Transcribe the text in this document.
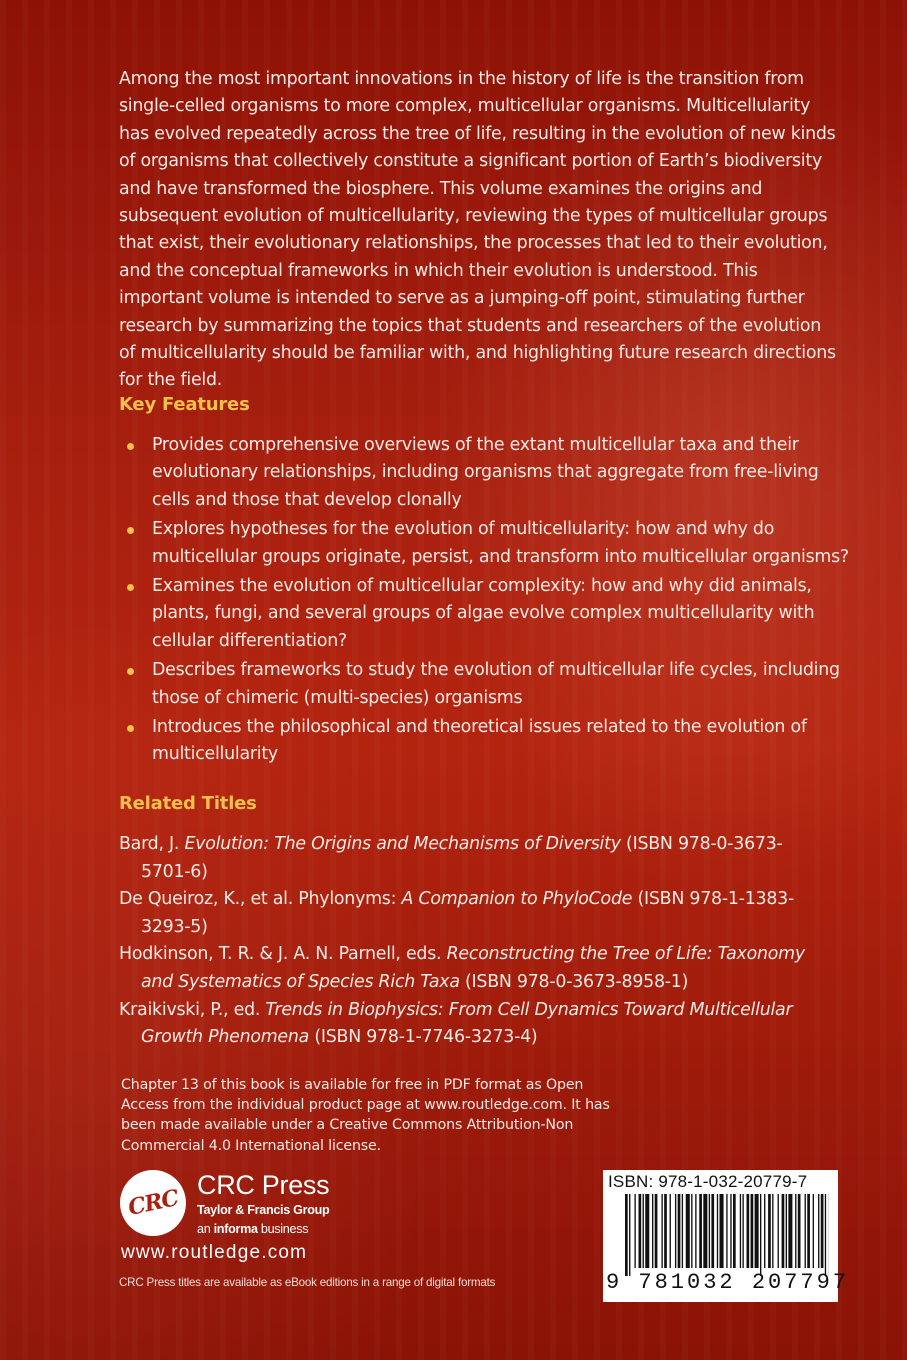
Among the most important innovations in the history of life is the transition from single-celled organisms to more complex, multicellular organisms. Multicellularity has evolved repeatedly across the tree of life, resulting in the evolution of new kinds of organisms that collectively constitute a significant portion of Earth’s biodiversity and have transformed the biosphere. This volume examines the origins and subsequent evolution of multicellularity, reviewing the types of multicellular groups that exist, their evolutionary relationships, the processes that led to their evolution, and the conceptual frameworks in which their evolution is understood. This important volume is intended to serve as a jumping-off point, stimulating further research by summarizing the topics that students and researchers of the evolution of multicellularity should be familiar with, and highlighting future research directions for the field.

Key Features
Provides comprehensive overviews of the extant multicellular taxa and their evolutionary relationships, including organisms that aggregate from free-living cells and those that develop clonally
Explores hypotheses for the evolution of multicellularity: how and why do multicellular groups originate, persist, and transform into multicellular organisms?
Examines the evolution of multicellular complexity: how and why did animals, plants, fungi, and several groups of algae evolve complex multicellularity with cellular differentiation?
Describes frameworks to study the evolution of multicellular life cycles, including those of chimeric (multi-species) organisms
Introduces the philosophical and theoretical issues related to the evolution of multicellularity
Related Titles
Bard, J. Evolution: The Origins and Mechanisms of Diversity (ISBN 978-0-3673-5701-6)
De Queiroz, K., et al. Phylonyms: A Companion to PhyloCode (ISBN 978-1-1383-3293-5)
Hodkinson, T. R. & J. A. N. Parnell, eds. Reconstructing the Tree of Life: Taxonomy and Systematics of Species Rich Taxa (ISBN 978-0-3673-8958-1)
Kraikivski, P., ed. Trends in Biophysics: From Cell Dynamics Toward Multicellular Growth Phenomena (ISBN 978-1-7746-3273-4)

Chapter 13 of this book is available for free in PDF format as Open Access from the individual product page at www.routledge.com. It has been made available under a Creative Commons Attribution-Non Commercial 4.0 International license.

CRC

CRC Press

Taylor & Francis Group

an informa business

www.routledge.com

CRC Press titles are available as eBook editions in a range of digital formats

ISBN: 978-1-032-20779-7

9 781032 207797
